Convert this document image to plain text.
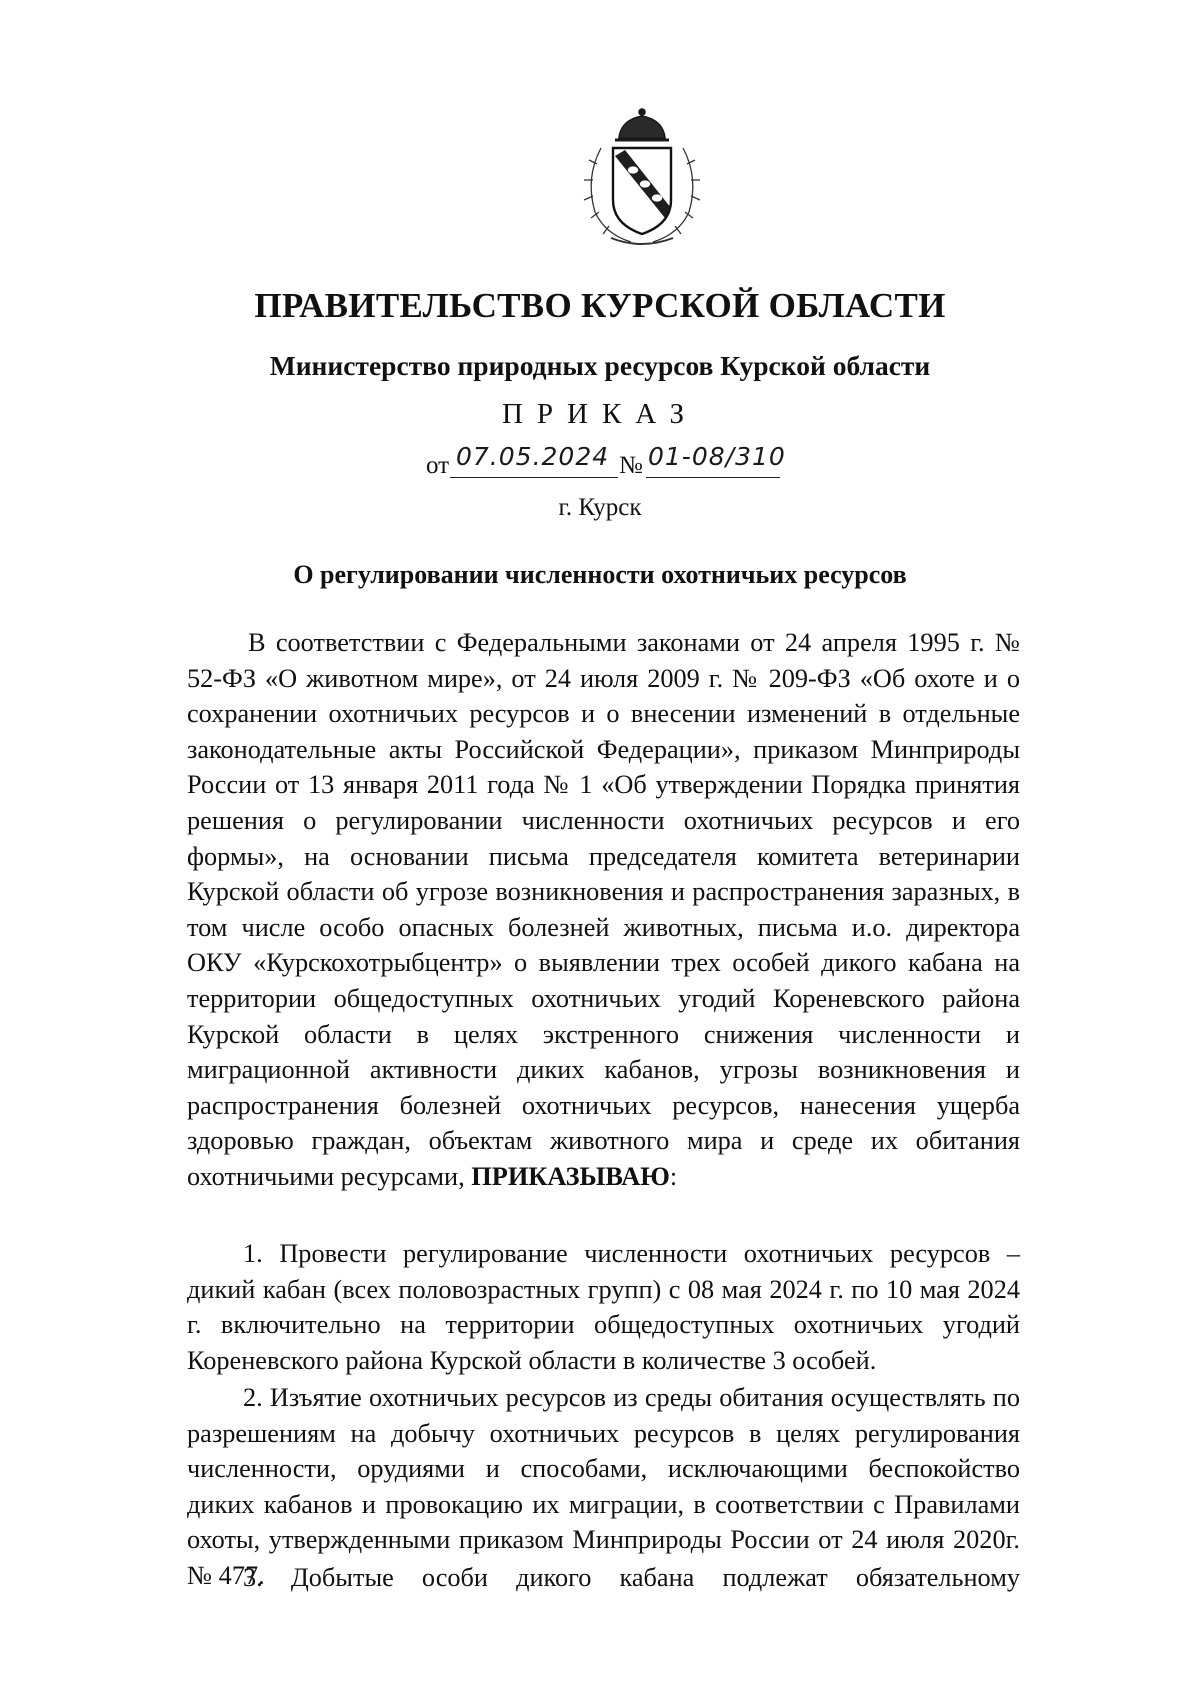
ПРАВИТЕЛЬСТВО КУРСКОЙ ОБЛАСТИ
Министерство природных ресурсов Курской области
ПРИКАЗ
от 07.05.2024 № 01-08/310
г. Курск
О регулировании численности охотничьих ресурсов

В соответствии с Федеральными законами от 24 апреля 1995 г. № 52-ФЗ «О животном мире», от 24 июля 2009 г. № 209-ФЗ «Об охоте и о сохранении охотничьих ресурсов и о внесении изменений в отдельные законодательные акты Российской Федерации», приказом Минприроды России от 13 января 2011 года № 1 «Об утверждении Порядка принятия решения о регулировании численности охотничьих ресурсов и его формы», на основании письма председателя комитета ветеринарии Курской области об угрозе возникновения и распространения заразных, в том числе особо опасных болезней животных, письма и.о. директора ОКУ «Курскохотрыбцентр» о выявлении трех особей дикого кабана на территории общедоступных охотничьих угодий Кореневского района Курской области в целях экстренного снижения численности и миграционной активности диких кабанов, угрозы возникновения и распространения болезней охотничьих ресурсов, нанесения ущерба здоровью граждан, объектам животного мира и среде их обитания охотничьими ресурсами, ПРИКАЗЫВАЮ:

1. Провести регулирование численности охотничьих ресурсов – дикий кабан (всех половозрастных групп) с 08 мая 2024 г. по 10 мая 2024 г. включительно на территории общедоступных охотничьих угодий Кореневского района Курской области в количестве 3 особей.

2. Изъятие охотничьих ресурсов из среды обитания осуществлять по разрешениям на добычу охотничьих ресурсов в целях регулирования численности, орудиями и способами, исключающими беспокойство диких кабанов и провокацию их миграции, в соответствии с Правилами охоты, утвержденными приказом Минприроды России от 24 июля 2020г. № 477.

3. Добытые особи дикого кабана подлежат обязательному
